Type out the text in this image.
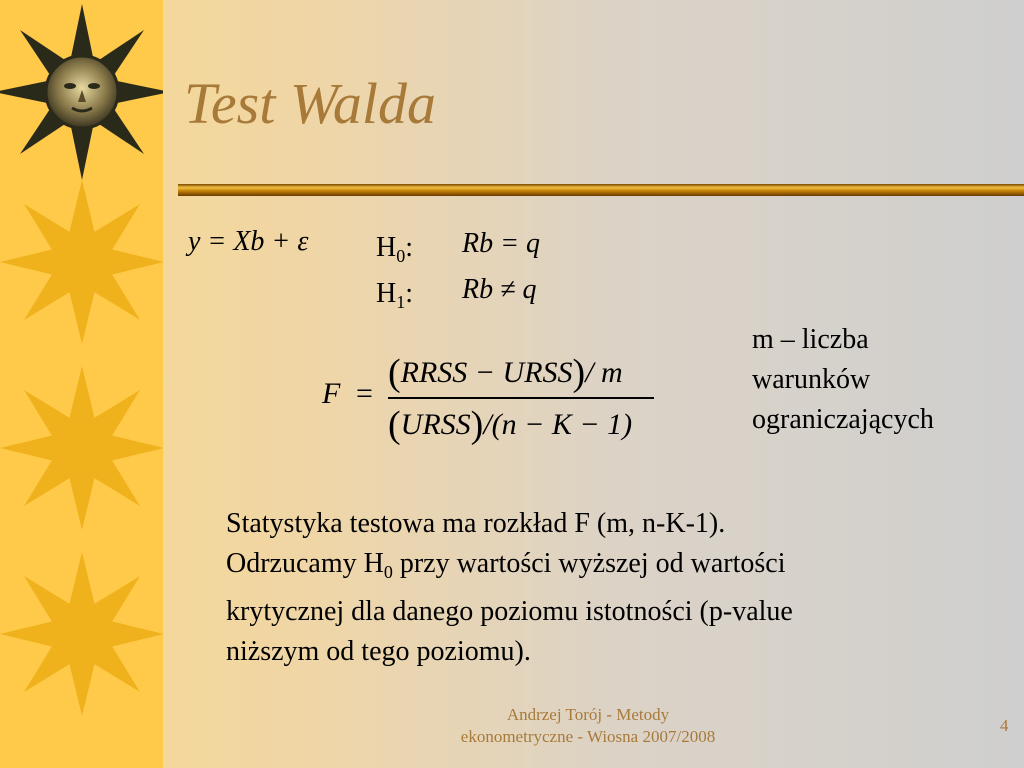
Test Walda
y = Xb + ε $H_0$: Rb = q
$H_1$: Rb ≠ q
F = (RRSS − URSS)/ m
(URSS)/(n − K − 1)
m – liczba
warunków
ograniczających
Statystyka testowa ma rozkład F (m, n-K-1).
Odrzucamy $H_0$ przy wartości wyższej od wartości
krytycznej dla danego poziomu istotności (p-value
niższym od tego poziomu).
Andrzej Torój - Metody
ekonometryczne - Wiosna 2007/2008
4
